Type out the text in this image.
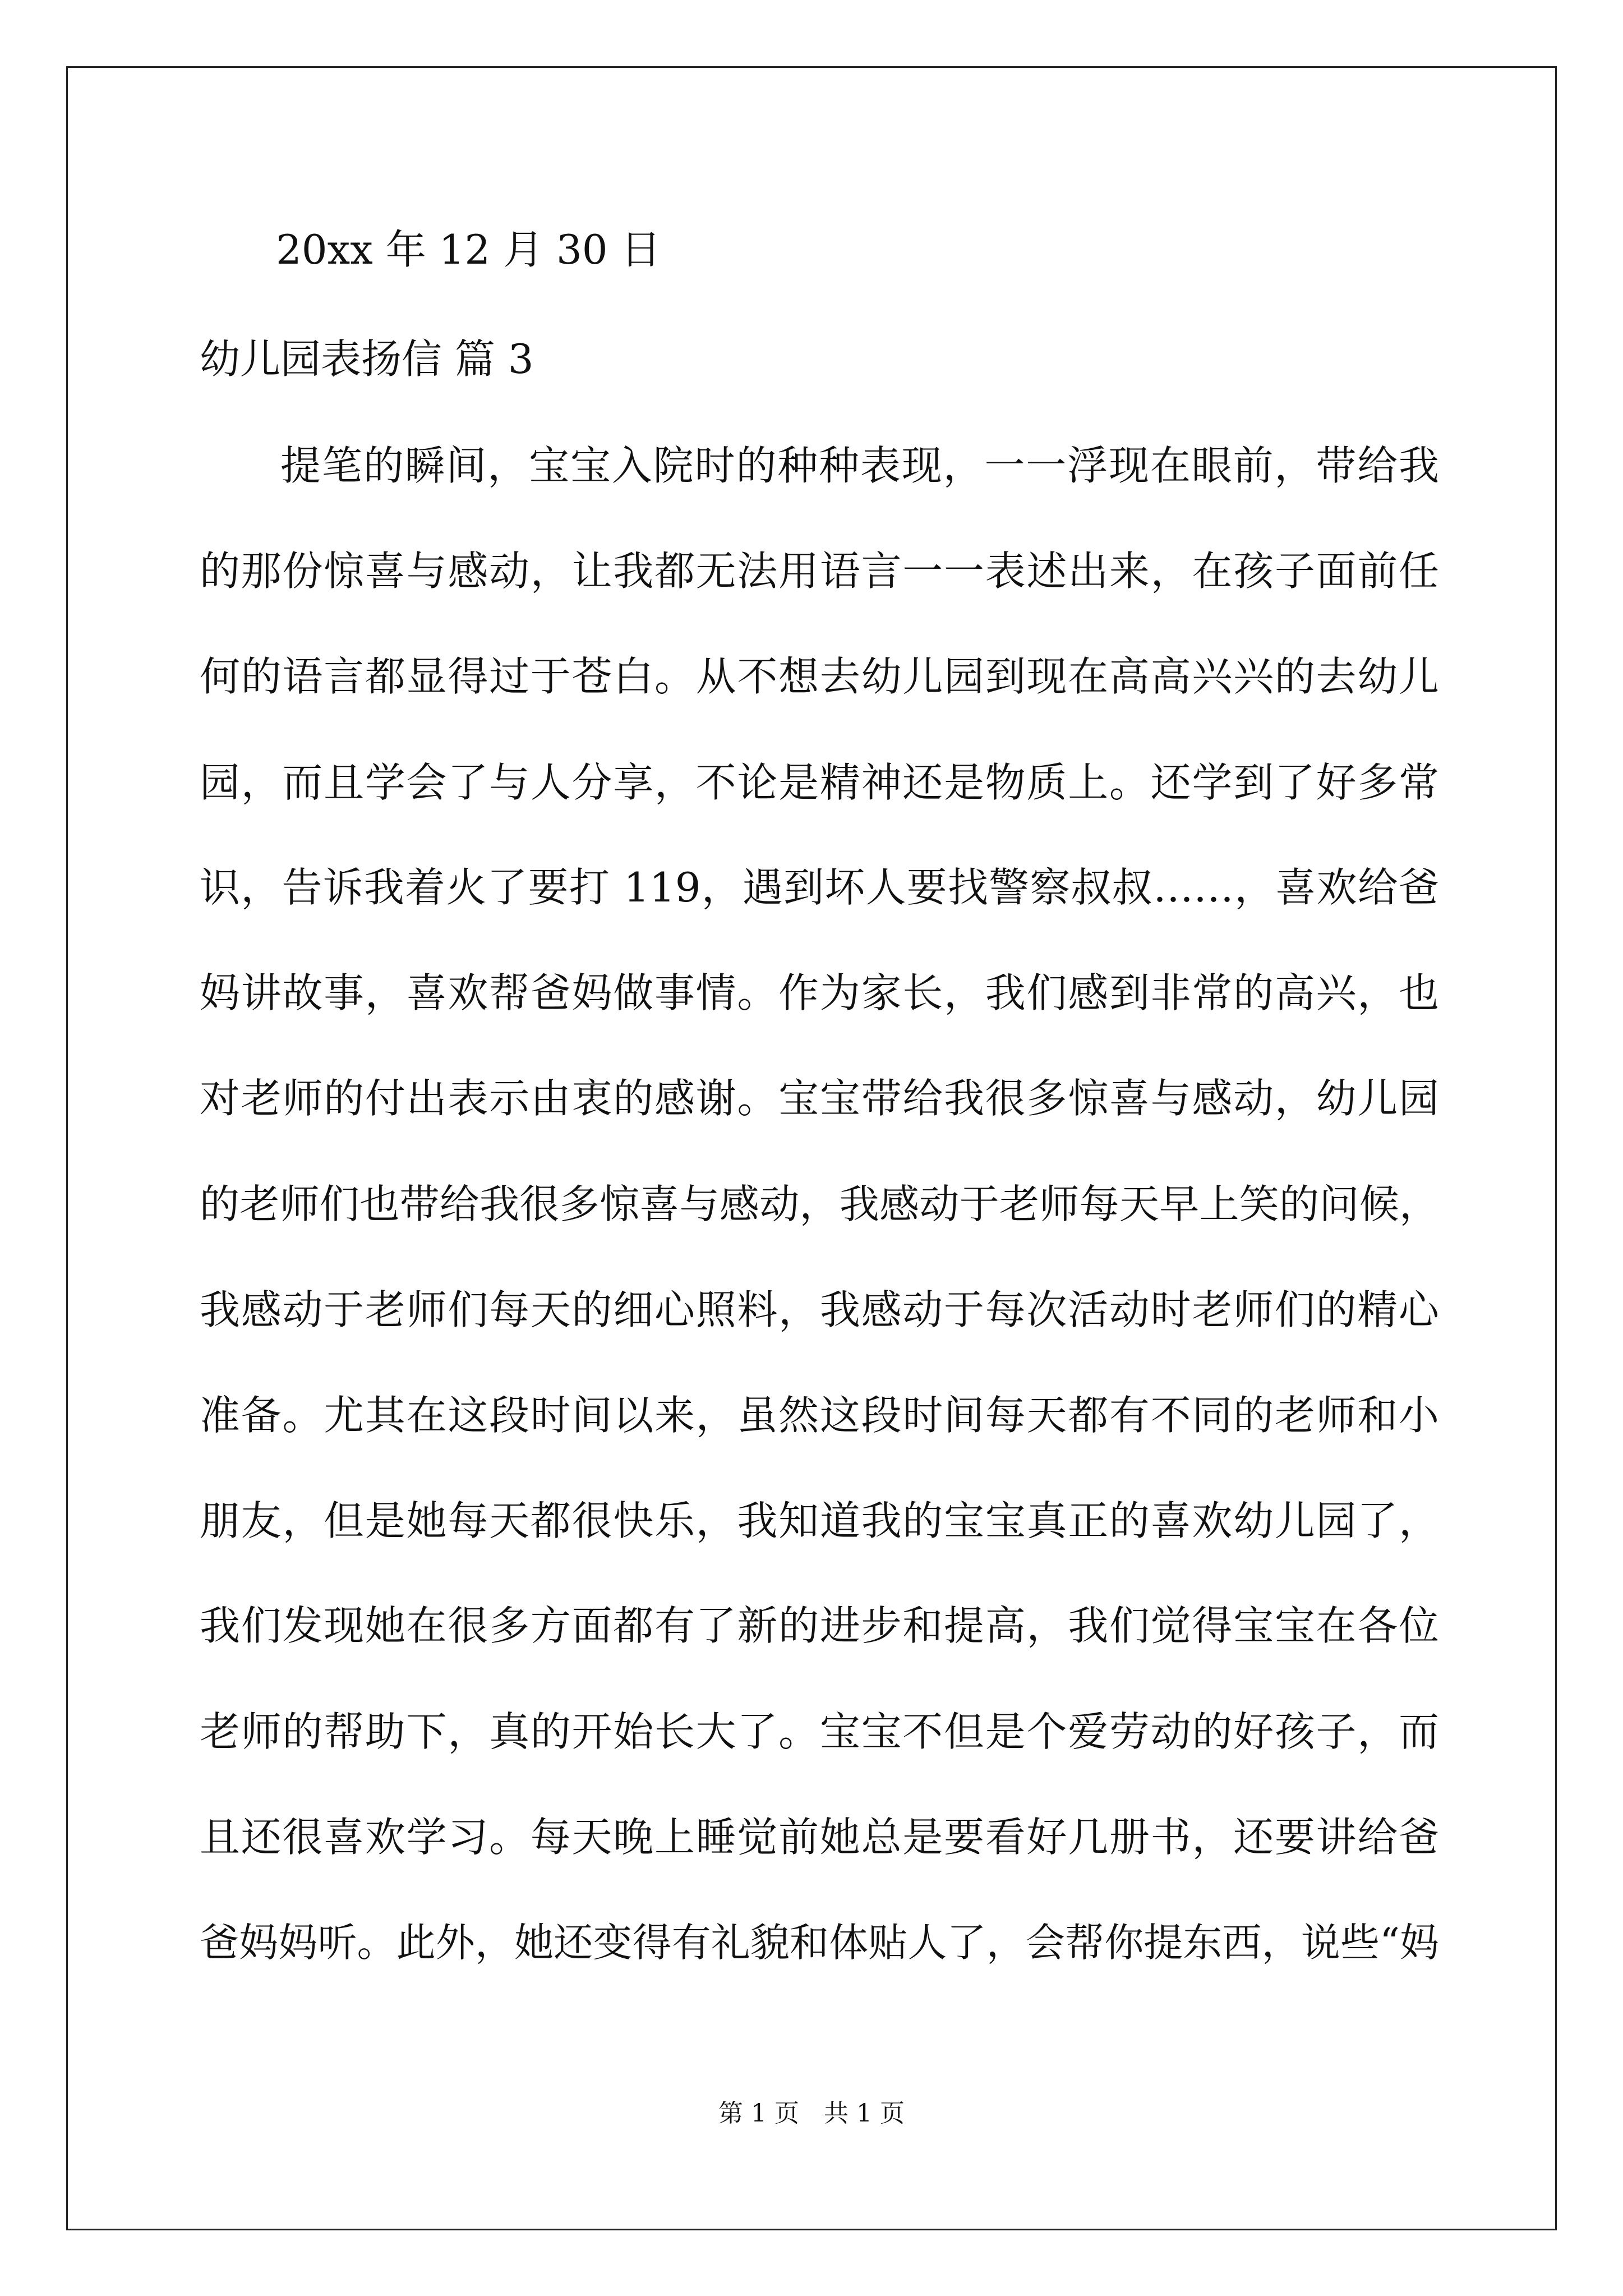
20xx 年 12 月 30 日
幼儿园表扬信 篇 3
提笔的瞬间，宝宝入院时的种种表现，一一浮现在眼前，带给我
的那份惊喜与感动，让我都无法用语言一一表述出来，在孩子面前任
何的语言都显得过于苍白。从不想去幼儿园到现在高高兴兴的去幼儿
园，而且学会了与人分享，不论是精神还是物质上。还学到了好多常
识，告诉我着火了要打 119，遇到坏人要找警察叔叔……，喜欢给爸
妈讲故事，喜欢帮爸妈做事情。作为家长，我们感到非常的高兴，也
对老师的付出表示由衷的感谢。宝宝带给我很多惊喜与感动，幼儿园
的老师们也带给我很多惊喜与感动，我感动于老师每天早上笑的问候，
我感动于老师们每天的细心照料，我感动于每次活动时老师们的精心
准备。尤其在这段时间以来，虽然这段时间每天都有不同的老师和小
朋友，但是她每天都很快乐，我知道我的宝宝真正的喜欢幼儿园了，
我们发现她在很多方面都有了新的进步和提高，我们觉得宝宝在各位
老师的帮助下，真的开始长大了。宝宝不但是个爱劳动的好孩子，而
且还很喜欢学习。每天晚上睡觉前她总是要看好几册书，还要讲给爸
爸妈妈听。此外，她还变得有礼貌和体贴人了，会帮你提东西，说些“妈
第 1 页　共 1 页
